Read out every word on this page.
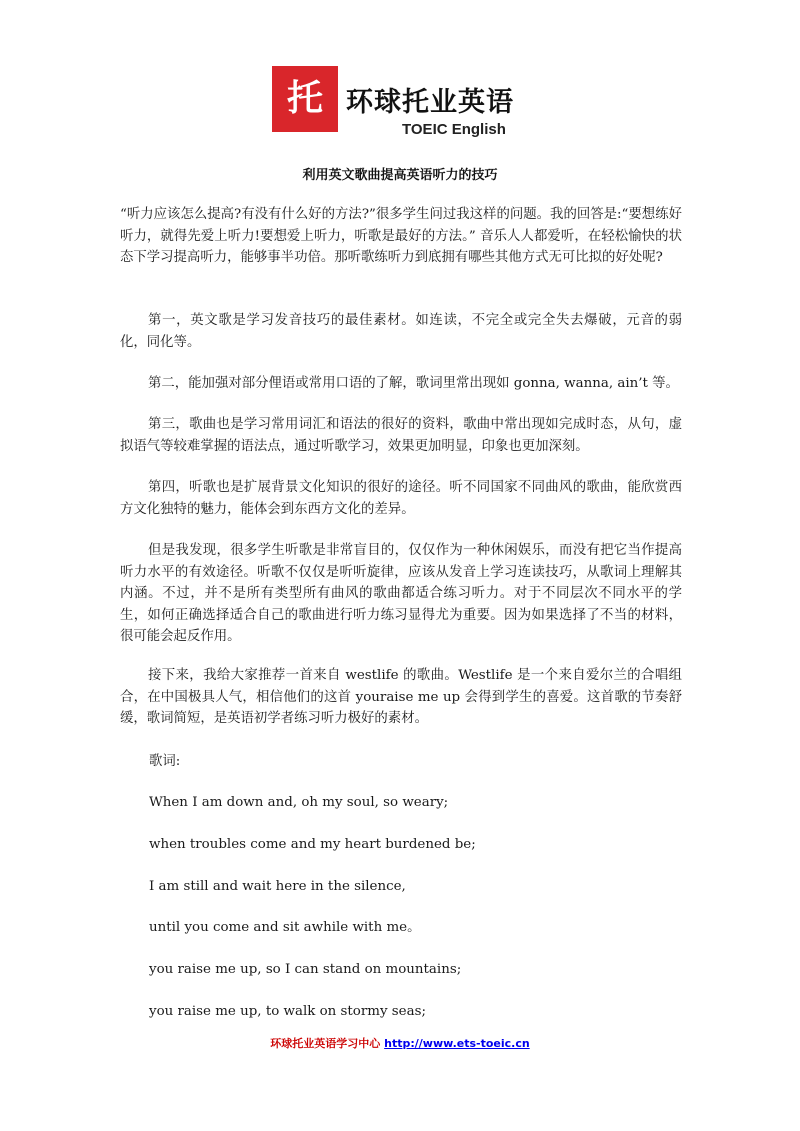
托业
环球托业英语
TOEIC English
利用英文歌曲提高英语听力的技巧

“听力应该怎么提高?有没有什么好的方法?”很多学生问过我这样的问题。我的回答是:“要想练好听力，就得先爱上听力!要想爱上听力，听歌是最好的方法。” 音乐人人都爱听，在轻松愉快的状态下学习提高听力，能够事半功倍。那听歌练听力到底拥有哪些其他方式无可比拟的好处呢?

第一，英文歌是学习发音技巧的最佳素材。如连读，不完全或完全失去爆破，元音的弱化，同化等。

第二，能加强对部分俚语或常用口语的了解，歌词里常出现如 gonna, wanna, ain’t 等。

第三，歌曲也是学习常用词汇和语法的很好的资料，歌曲中常出现如完成时态，从句，虚拟语气等较难掌握的语法点，通过听歌学习，效果更加明显，印象也更加深刻。

第四，听歌也是扩展背景文化知识的很好的途径。听不同国家不同曲风的歌曲，能欣赏西方文化独特的魅力，能体会到东西方文化的差异。

但是我发现，很多学生听歌是非常盲目的，仅仅作为一种休闲娱乐，而没有把它当作提高听力水平的有效途径。听歌不仅仅是听听旋律，应该从发音上学习连读技巧，从歌词上理解其内涵。不过，并不是所有类型所有曲风的歌曲都适合练习听力。对于不同层次不同水平的学生，如何正确选择适合自己的歌曲进行听力练习显得尤为重要。因为如果选择了不当的材料，很可能会起反作用。

接下来，我给大家推荐一首来自 westlife 的歌曲。Westlife 是一个来自爱尔兰的合唱组合，在中国极具人气，相信他们的这首 youraise me up 会得到学生的喜爱。这首歌的节奏舒缓，歌词简短，是英语初学者练习听力极好的素材。

歌词:
When I am down and, oh my soul, so weary;
when troubles come and my heart burdened be;
I am still and wait here in the silence,
until you come and sit awhile with me。
you raise me up, so I can stand on mountains;
you raise me up, to walk on stormy seas;
环球托业英语学习中心 http://www.ets-toeic.cn
